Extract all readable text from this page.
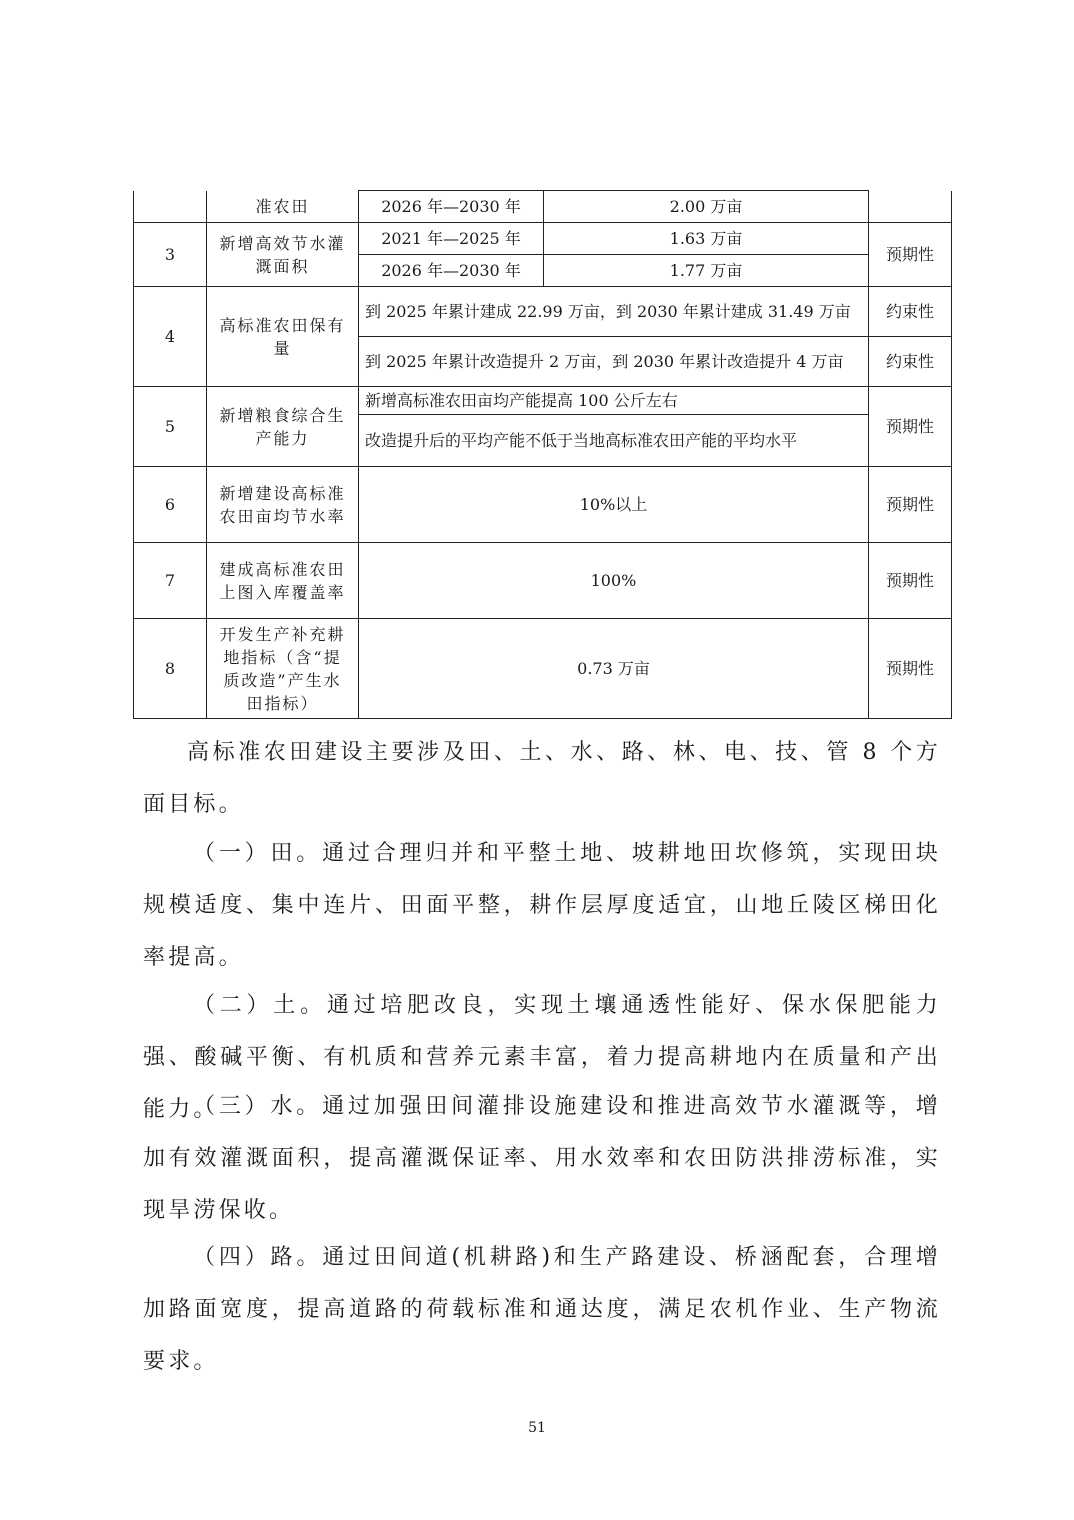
	准农田	2026 年—2030 年	2.00 万亩	
3	新增高效节水灌溉面积	2021 年—2025 年	1.63 万亩	预期性
		2026 年—2030 年	1.77 万亩	
4	高标准农田保有量	到 2025 年累计建成 22.99 万亩，到 2030 年累计建成 31.49 万亩		约束性
		到 2025 年累计改造提升 2 万亩，到 2030 年累计改造提升 4 万亩		约束性
5	新增粮食综合生产能力	新增高标准农田亩均产能提高 100 公斤左右		预期性
		改造提升后的平均产能不低于当地高标准农田产能的平均水平		
6	新增建设高标准农田亩均节水率	10%以上		预期性
7	建成高标准农田上图入库覆盖率	100%		预期性
8	开发生产补充耕地指标（含“提质改造”产生水田指标）	0.73 万亩		预期性

高标准农田建设主要涉及田、土、水、路、林、电、技、管 8 个方面目标。

（一）田。通过合理归并和平整土地、坡耕地田坎修筑，实现田块规模适度、集中连片、田面平整，耕作层厚度适宜，山地丘陵区梯田化率提高。

（二）土。通过培肥改良，实现土壤通透性能好、保水保肥能力强、酸碱平衡、有机质和营养元素丰富，着力提高耕地内在质量和产出能力。

（三）水。通过加强田间灌排设施建设和推进高效节水灌溉等，增加有效灌溉面积，提高灌溉保证率、用水效率和农田防洪排涝标准，实现旱涝保收。

（四）路。通过田间道(机耕路)和生产路建设、桥涵配套，合理增加路面宽度，提高道路的荷载标准和通达度，满足农机作业、生产物流要求。

51
